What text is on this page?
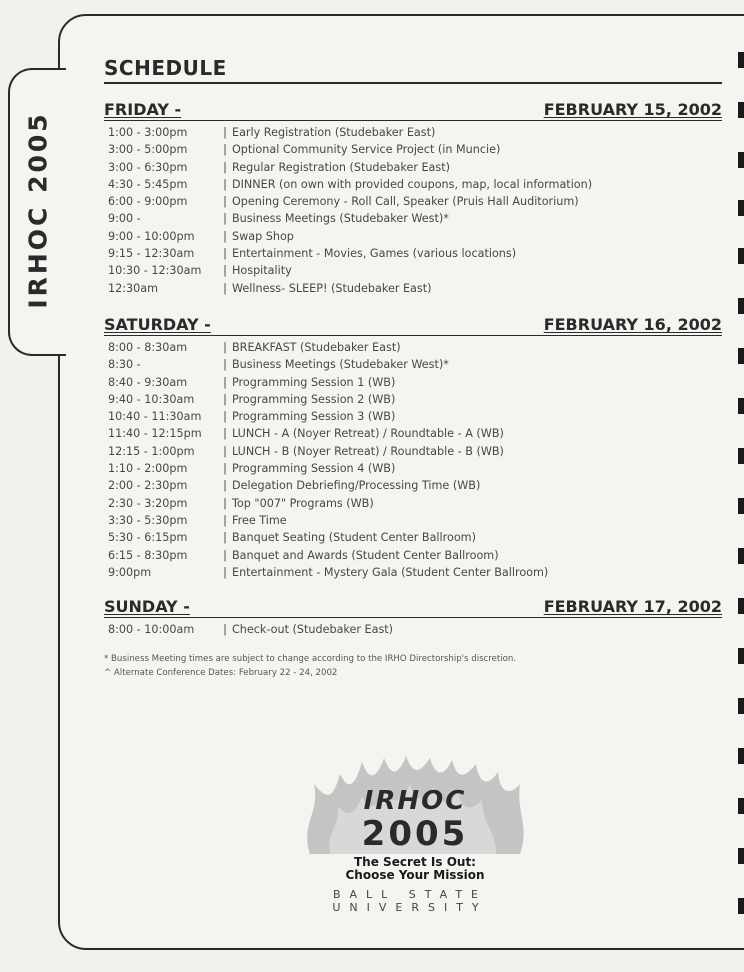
IRHOC 2005
SCHEDULE
FRIDAY -	FEBRUARY 15, 2002
1:00 - 3:00pm	| Early Registration (Studebaker East)
3:00 - 5:00pm	| Optional Community Service Project (in Muncie)
3:00 - 6:30pm	| Regular Registration (Studebaker East)
4:30 - 5:45pm	| DINNER (on own with provided coupons, map, local information)
6:00 - 9:00pm	| Opening Ceremony - Roll Call, Speaker (Pruis Hall Auditorium)
9:00 -	| Business Meetings (Studebaker West)*
9:00 - 10:00pm	| Swap Shop
9:15 - 12:30am	| Entertainment - Movies, Games (various locations)
10:30 - 12:30am	| Hospitality
12:30am	| Wellness- SLEEP! (Studebaker East)
SATURDAY -	FEBRUARY 16, 2002
8:00 - 8:30am	| BREAKFAST (Studebaker East)
8:30 -	| Business Meetings (Studebaker West)*
8:40 - 9:30am	| Programming Session 1 (WB)
9:40 - 10:30am	| Programming Session 2 (WB)
10:40 - 11:30am	| Programming Session 3 (WB)
11:40 - 12:15pm	| LUNCH - A (Noyer Retreat) / Roundtable - A (WB)
12:15 - 1:00pm	| LUNCH - B (Noyer Retreat) / Roundtable - B (WB)
1:10 - 2:00pm	| Programming Session 4 (WB)
2:00 - 2:30pm	| Delegation Debriefing/Processing Time (WB)
2:30 - 3:20pm	| Top "007" Programs (WB)
3:30 - 5:30pm	| Free Time
5:30 - 6:15pm	| Banquet Seating (Student Center Ballroom)
6:15 - 8:30pm	| Banquet and Awards (Student Center Ballroom)
9:00pm	| Entertainment - Mystery Gala (Student Center Ballroom)
SUNDAY -	FEBRUARY 17, 2002
8:00 - 10:00am	| Check-out (Studebaker East)
* Business Meeting times are subject to change according to the IRHO Directorship's discretion.
^ Alternate Conference Dates: February 22 - 24, 2002
IRHOC
2005
The Secret Is Out:
Choose Your Mission
BALL STATE UNIVERSITY
